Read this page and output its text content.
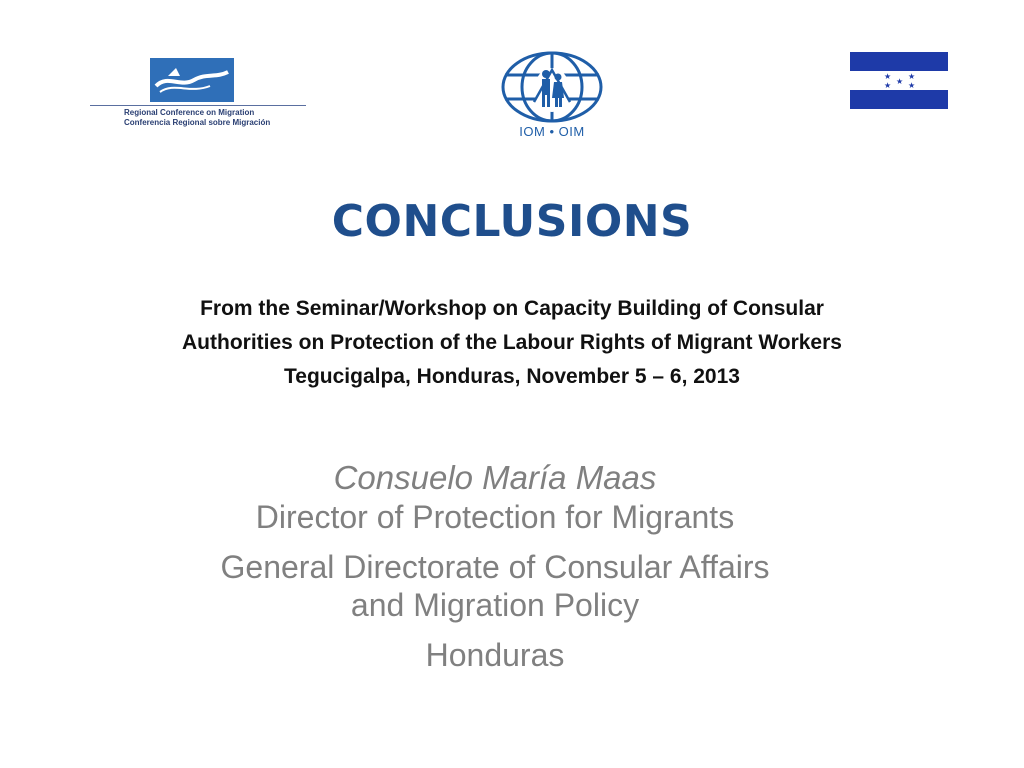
Regional Conference on Migration
Conferencia Regional sobre Migración
IOM • OIM
★ ★
★
★ ★
CONCLUSIONS
From the Seminar/Workshop on Capacity Building of Consular
Authorities on Protection of the Labour Rights of Migrant Workers
Tegucigalpa, Honduras, November 5 – 6, 2013
Consuelo María Maas
Director of Protection for Migrants
General Directorate of Consular Affairs
and Migration Policy
Honduras
